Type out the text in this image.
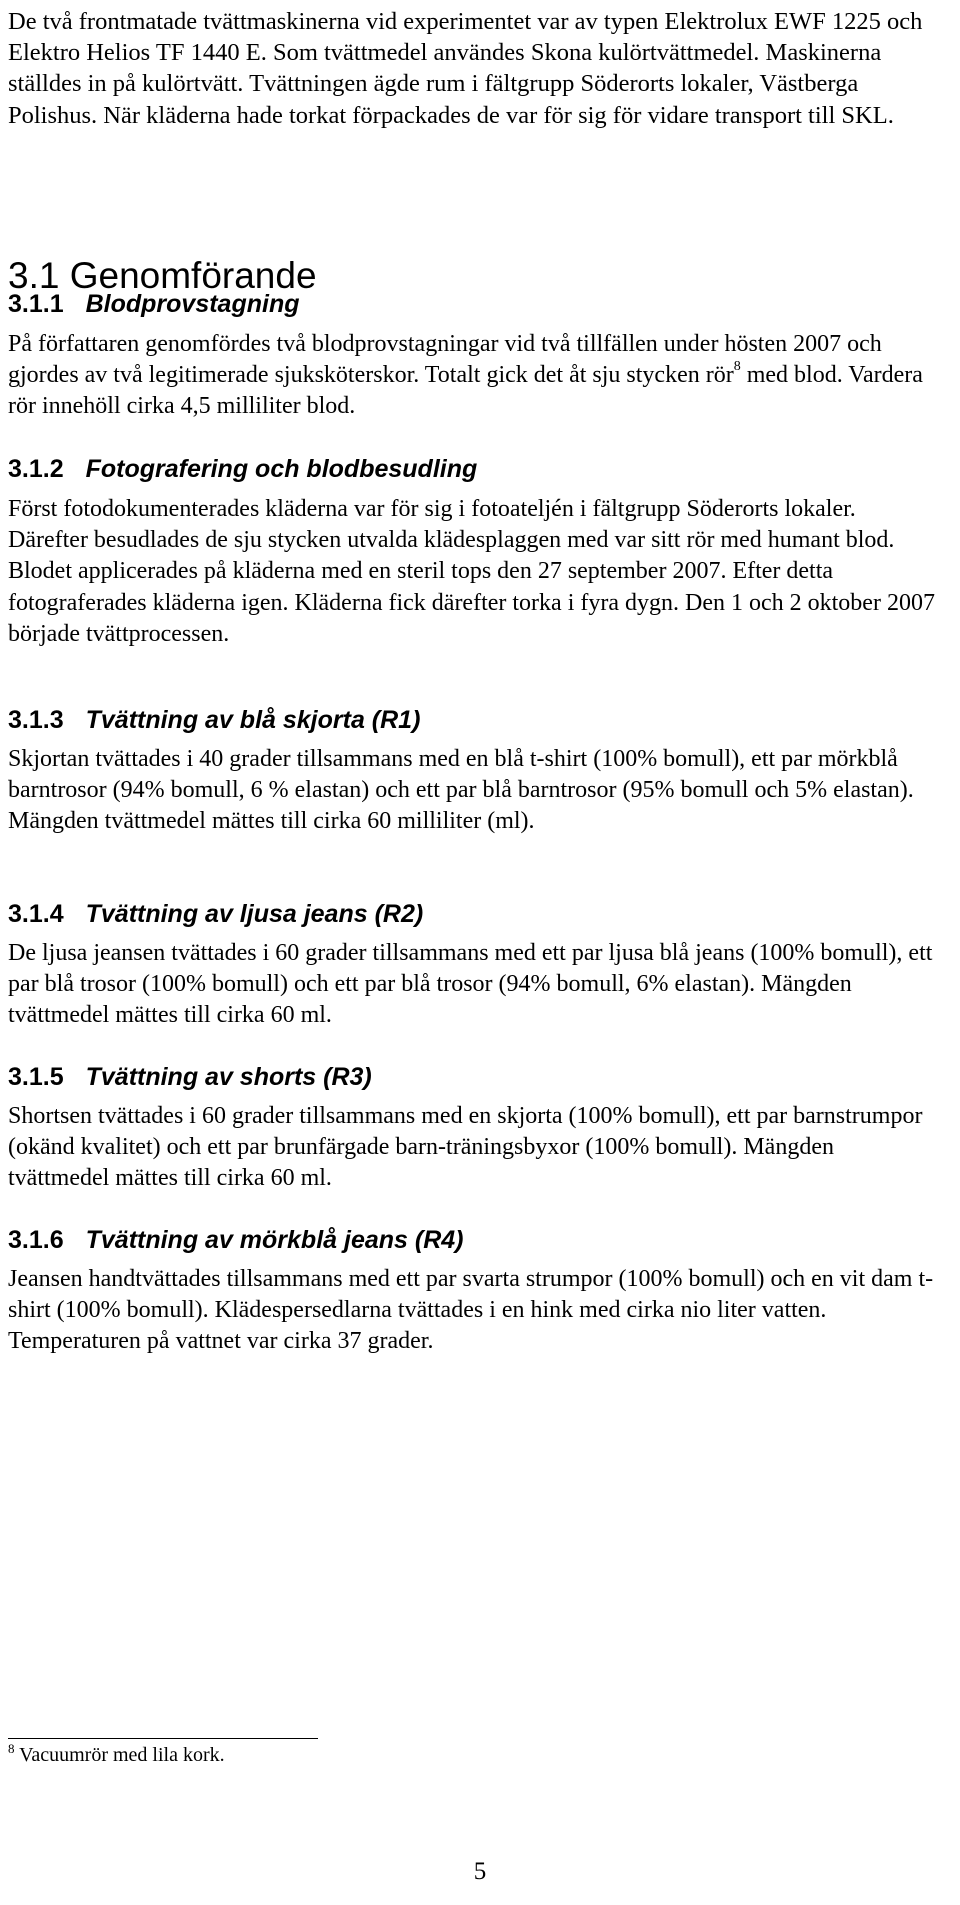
De två frontmatade tvättmaskinerna vid experimentet var av typen Elektrolux EWF 1225 och Elektro Helios TF 1440 E. Som tvättmedel användes Skona kulörtvättmedel. Maskinerna ställdes in på kulörtvätt. Tvättningen ägde rum i fältgrupp Söderorts lokaler, Västberga Polishus. När kläderna hade torkat förpackades de var för sig för vidare transport till SKL.

3.1 Genomförande
3.1.1 Blodprovstagning

På författaren genomfördes två blodprovstagningar vid två tillfällen under hösten 2007 och gjordes av två legitimerade sjuksköterskor. Totalt gick det åt sju stycken rör$^8$ med blod. Vardera rör innehöll cirka 4,5 milliliter blod.

3.1.2 Fotografering och blodbesudling

Först fotodokumenterades kläderna var för sig i fotoateljén i fältgrupp Söderorts lokaler. Därefter besudlades de sju stycken utvalda klädesplaggen med var sitt rör med humant blod. Blodet applicerades på kläderna med en steril tops den 27 september 2007. Efter detta fotograferades kläderna igen. Kläderna fick därefter torka i fyra dygn. Den 1 och 2 oktober 2007 började tvättprocessen.

3.1.3 Tvättning av blå skjorta (R1)

Skjortan tvättades i 40 grader tillsammans med en blå t-shirt (100% bomull), ett par mörkblå barntrosor (94% bomull, 6 % elastan) och ett par blå barntrosor (95% bomull och 5% elastan). Mängden tvättmedel mättes till cirka 60 milliliter (ml).

3.1.4 Tvättning av ljusa jeans (R2)

De ljusa jeansen tvättades i 60 grader tillsammans med ett par ljusa blå jeans (100% bomull), ett par blå trosor (100% bomull) och ett par blå trosor (94% bomull, 6% elastan). Mängden tvättmedel mättes till cirka 60 ml.

3.1.5 Tvättning av shorts (R3)

Shortsen tvättades i 60 grader tillsammans med en skjorta (100% bomull), ett par barnstrumpor (okänd kvalitet) och ett par brunfärgade barn-träningsbyxor (100% bomull). Mängden tvättmedel mättes till cirka 60 ml.

3.1.6 Tvättning av mörkblå jeans (R4)

Jeansen handtvättades tillsammans med ett par svarta strumpor (100% bomull) och en vit dam t-shirt (100% bomull). Klädespersedlarna tvättades i en hink med cirka nio liter vatten. Temperaturen på vattnet var cirka 37 grader.

$^8$ Vacuumrör med lila kork.

5
